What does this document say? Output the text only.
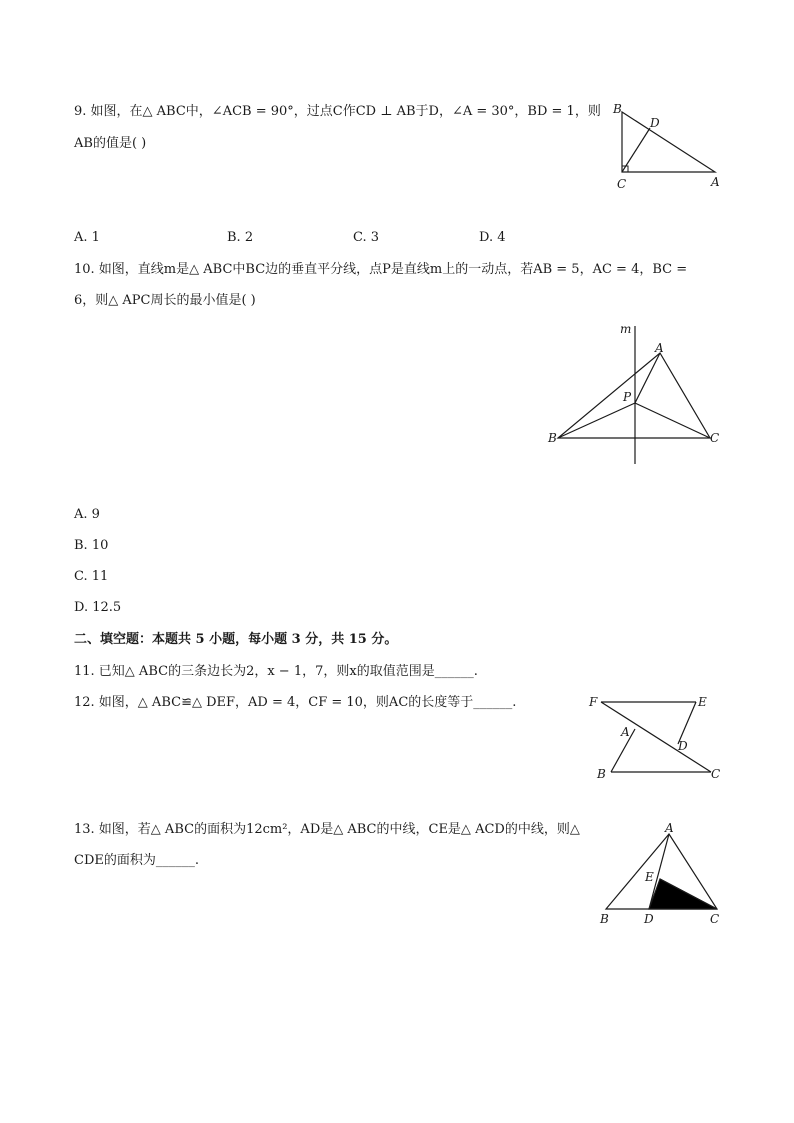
9. 如图，在△ ABC中，∠ACB = 90°，过点C作CD ⊥ AB于D，∠A = 30°，BD = 1，则
AB的值是( )
B
D
C	A
A. 1	B. 2	C. 3	D. 4
10. 如图，直线m是△ ABC中BC边的垂直平分线，点P是直线m上的一动点，若AB = 5，AC = 4，BC =
6，则△ APC周长的最小值是( )
m
A
P
B	C
A. 9
B. 10
C. 11
D. 12.5
二、填空题：本题共 5 小题，每小题 3 分，共 15 分。
11. 已知△ ABC的三条边长为2，x − 1，7，则x的取值范围是______.
12. 如图，△ ABC≌△ DEF，AD = 4，CF = 10，则AC的长度等于______.	F	E
A
D
B	C
13. 如图，若△ ABC的面积为12cm²，AD是△ ABC的中线，CE是△ ACD的中线，则△
CDE的面积为______.
A
E
B	D	C
